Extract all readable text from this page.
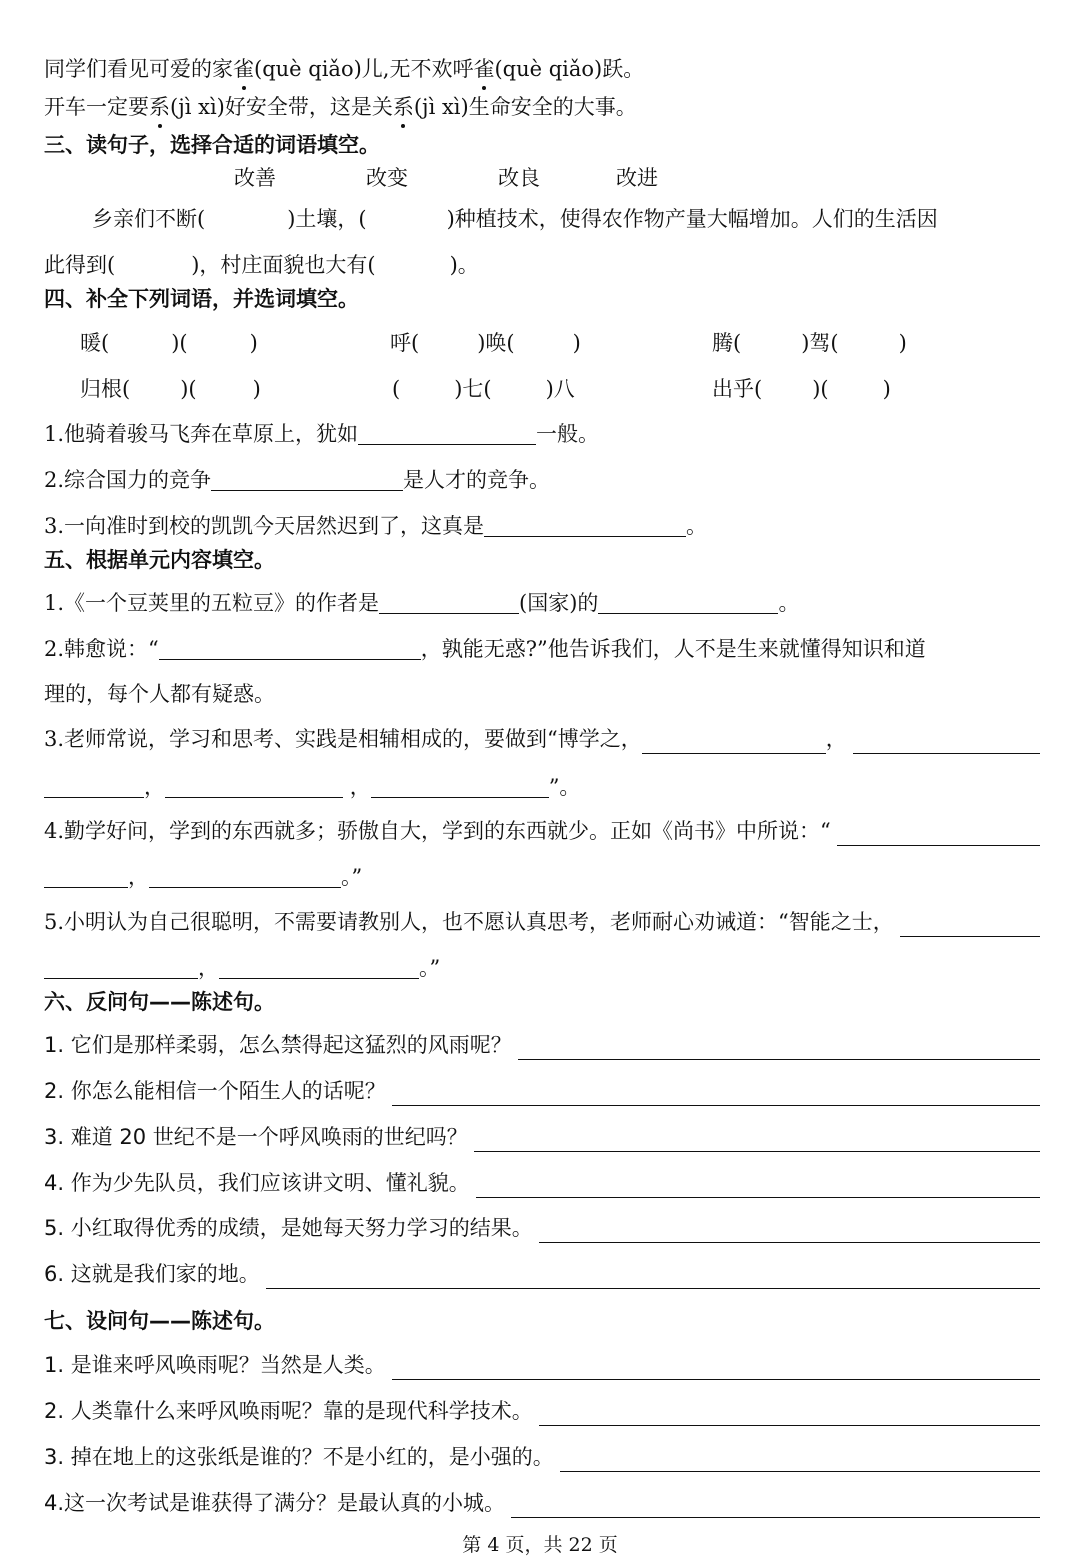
同学们看见可爱的家雀(què qiǎo)儿,无不欢呼雀(què qiǎo)跃。
开车一定要系(jì xì)好安全带，这是关系(jì xì)生命安全的大事。
三、读句子，选择合适的词语填空。
改善	改变	改良	改进
乡亲们不断(	)土壤，(	)种植技术，使得农作物产量大幅增加。人们的生活因
此得到(	)，村庄面貌也大有(	)。
四、补全下列词语，并选词填空。
暖(	)(	)	呼(	)唤(	)	腾(	)驾(	)
归根( )(	)	(	)七(	)八	出乎( )(	)
1.他骑着骏马飞奔在草原上，犹如	一般。
2.综合国力的竞争	是人才的竞争。
3.一向准时到校的凯凯今天居然迟到了，这真是	。
五、根据单元内容填空。
1.《一个豆荚里的五粒豆》的作者是	(国家)的	。
2.韩愈说：“	，孰能无惑?”他告诉我们，人不是生来就懂得知识和道
理的，每个人都有疑惑。
3.老师常说，学习和思考、实践是相辅相成的，要做到“博学之，	，
，	，	”。
4.勤学好问，学到的东西就多；骄傲自大，学到的东西就少。正如《尚书》中所说：“
，	。”
5.小明认为自己很聪明，不需要请教别人，也不愿认真思考，老师耐心劝诫道：“智能之士，
，	。”
六、反问句——陈述句。
1. 它们是那样柔弱，怎么禁得起这猛烈的风雨呢？
2. 你怎么能相信一个陌生人的话呢？
3. 难道 20 世纪不是一个呼风唤雨的世纪吗？
4. 作为少先队员，我们应该讲文明、懂礼貌。
5. 小红取得优秀的成绩，是她每天努力学习的结果。
6. 这就是我们家的地。
七、设问句——陈述句。
1. 是谁来呼风唤雨呢？当然是人类。
2. 人类靠什么来呼风唤雨呢？靠的是现代科学技术。
3. 掉在地上的这张纸是谁的？不是小红的，是小强的。
4.这一次考试是谁获得了满分？是最认真的小城。
第 4 页，共 22 页
